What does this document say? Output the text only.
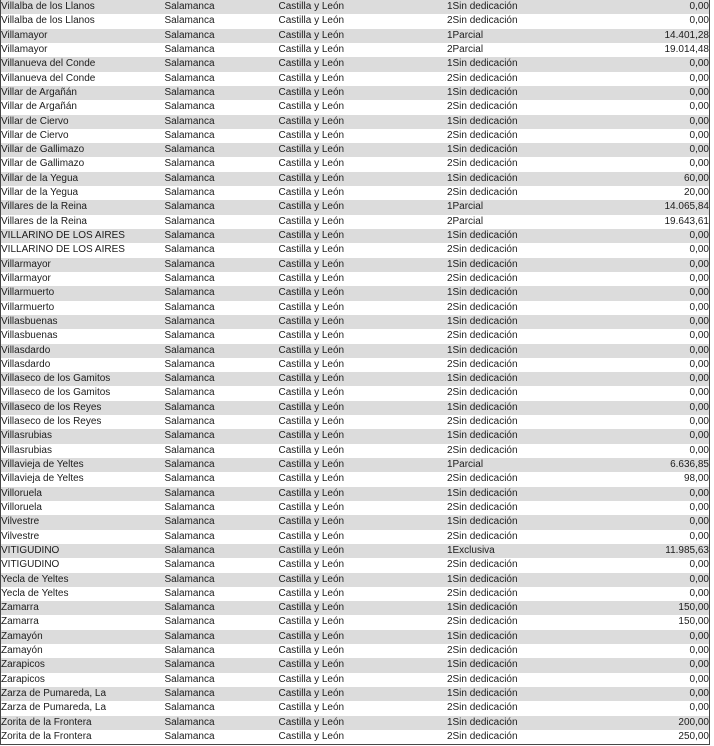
Villalba de los Llanos	Salamanca	Castilla y León	1	Sin dedicación	0,00
Villalba de los Llanos	Salamanca	Castilla y León	2	Sin dedicación	0,00
Villamayor	Salamanca	Castilla y León	1	Parcial	14.401,28
Villamayor	Salamanca	Castilla y León	2	Parcial	19.014,48
Villanueva del Conde	Salamanca	Castilla y León	1	Sin dedicación	0,00
Villanueva del Conde	Salamanca	Castilla y León	2	Sin dedicación	0,00
Villar de Argañán	Salamanca	Castilla y León	1	Sin dedicación	0,00
Villar de Argañán	Salamanca	Castilla y León	2	Sin dedicación	0,00
Villar de Ciervo	Salamanca	Castilla y León	1	Sin dedicación	0,00
Villar de Ciervo	Salamanca	Castilla y León	2	Sin dedicación	0,00
Villar de Gallimazo	Salamanca	Castilla y León	1	Sin dedicación	0,00
Villar de Gallimazo	Salamanca	Castilla y León	2	Sin dedicación	0,00
Villar de la Yegua	Salamanca	Castilla y León	1	Sin dedicación	60,00
Villar de la Yegua	Salamanca	Castilla y León	2	Sin dedicación	20,00
Villares de la Reina	Salamanca	Castilla y León	1	Parcial	14.065,84
Villares de la Reina	Salamanca	Castilla y León	2	Parcial	19.643,61
VILLARINO DE LOS AIRES	Salamanca	Castilla y León	1	Sin dedicación	0,00
VILLARINO DE LOS AIRES	Salamanca	Castilla y León	2	Sin dedicación	0,00
Villarmayor	Salamanca	Castilla y León	1	Sin dedicación	0,00
Villarmayor	Salamanca	Castilla y León	2	Sin dedicación	0,00
Villarmuerto	Salamanca	Castilla y León	1	Sin dedicación	0,00
Villarmuerto	Salamanca	Castilla y León	2	Sin dedicación	0,00
Villasbuenas	Salamanca	Castilla y León	1	Sin dedicación	0,00
Villasbuenas	Salamanca	Castilla y León	2	Sin dedicación	0,00
Villasdardo	Salamanca	Castilla y León	1	Sin dedicación	0,00
Villasdardo	Salamanca	Castilla y León	2	Sin dedicación	0,00
Villaseco de los Gamitos	Salamanca	Castilla y León	1	Sin dedicación	0,00
Villaseco de los Gamitos	Salamanca	Castilla y León	2	Sin dedicación	0,00
Villaseco de los Reyes	Salamanca	Castilla y León	1	Sin dedicación	0,00
Villaseco de los Reyes	Salamanca	Castilla y León	2	Sin dedicación	0,00
Villasrubias	Salamanca	Castilla y León	1	Sin dedicación	0,00
Villasrubias	Salamanca	Castilla y León	2	Sin dedicación	0,00
Villavieja de Yeltes	Salamanca	Castilla y León	1	Parcial	6.636,85
Villavieja de Yeltes	Salamanca	Castilla y León	2	Sin dedicación	98,00
Villoruela	Salamanca	Castilla y León	1	Sin dedicación	0,00
Villoruela	Salamanca	Castilla y León	2	Sin dedicación	0,00
Vilvestre	Salamanca	Castilla y León	1	Sin dedicación	0,00
Vilvestre	Salamanca	Castilla y León	2	Sin dedicación	0,00
VITIGUDINO	Salamanca	Castilla y León	1	Exclusiva	11.985,63
VITIGUDINO	Salamanca	Castilla y León	2	Sin dedicación	0,00
Yecla de Yeltes	Salamanca	Castilla y León	1	Sin dedicación	0,00
Yecla de Yeltes	Salamanca	Castilla y León	2	Sin dedicación	0,00
Zamarra	Salamanca	Castilla y León	1	Sin dedicación	150,00
Zamarra	Salamanca	Castilla y León	2	Sin dedicación	150,00
Zamayón	Salamanca	Castilla y León	1	Sin dedicación	0,00
Zamayón	Salamanca	Castilla y León	2	Sin dedicación	0,00
Zarapicos	Salamanca	Castilla y León	1	Sin dedicación	0,00
Zarapicos	Salamanca	Castilla y León	2	Sin dedicación	0,00
Zarza de Pumareda, La	Salamanca	Castilla y León	1	Sin dedicación	0,00
Zarza de Pumareda, La	Salamanca	Castilla y León	2	Sin dedicación	0,00
Zorita de la Frontera	Salamanca	Castilla y León	1	Sin dedicación	200,00
Zorita de la Frontera	Salamanca	Castilla y León	2	Sin dedicación	250,00
